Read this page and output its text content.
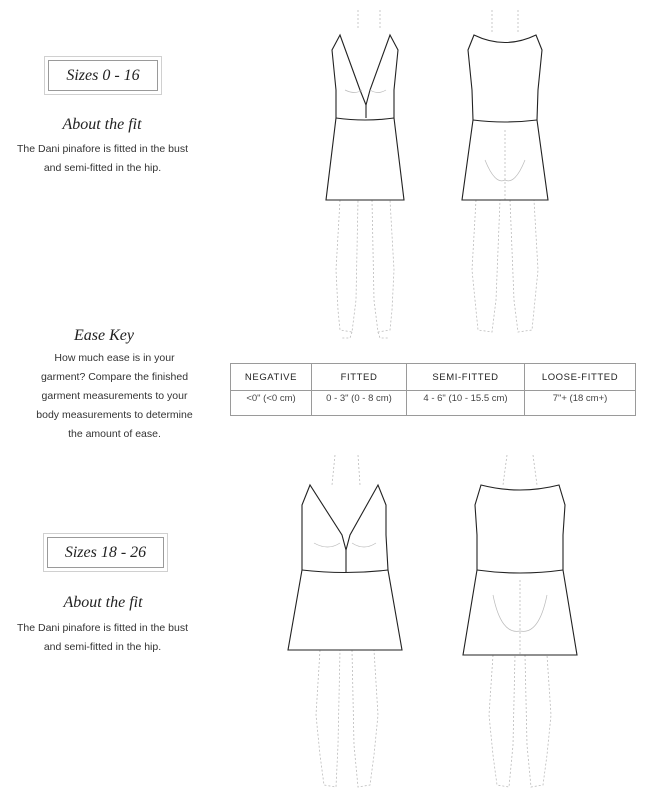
Sizes 0 - 16
About the fit
The Dani pinafore is fitted in the bust
and semi-fitted in the hip.
Ease Key
How much ease is in your
garment? Compare the finished
garment measurements to your
body measurements to determine
the amount of ease.
NEGATIVE	FITTED	SEMI-FITTED	LOOSE-FITTED
<0" (<0 cm)	0 - 3" (0 - 8 cm)	4 - 6" (10 - 15.5 cm)	7"+ (18 cm+)
Sizes 18 - 26
About the fit
The Dani pinafore is fitted in the bust
and semi-fitted in the hip.
